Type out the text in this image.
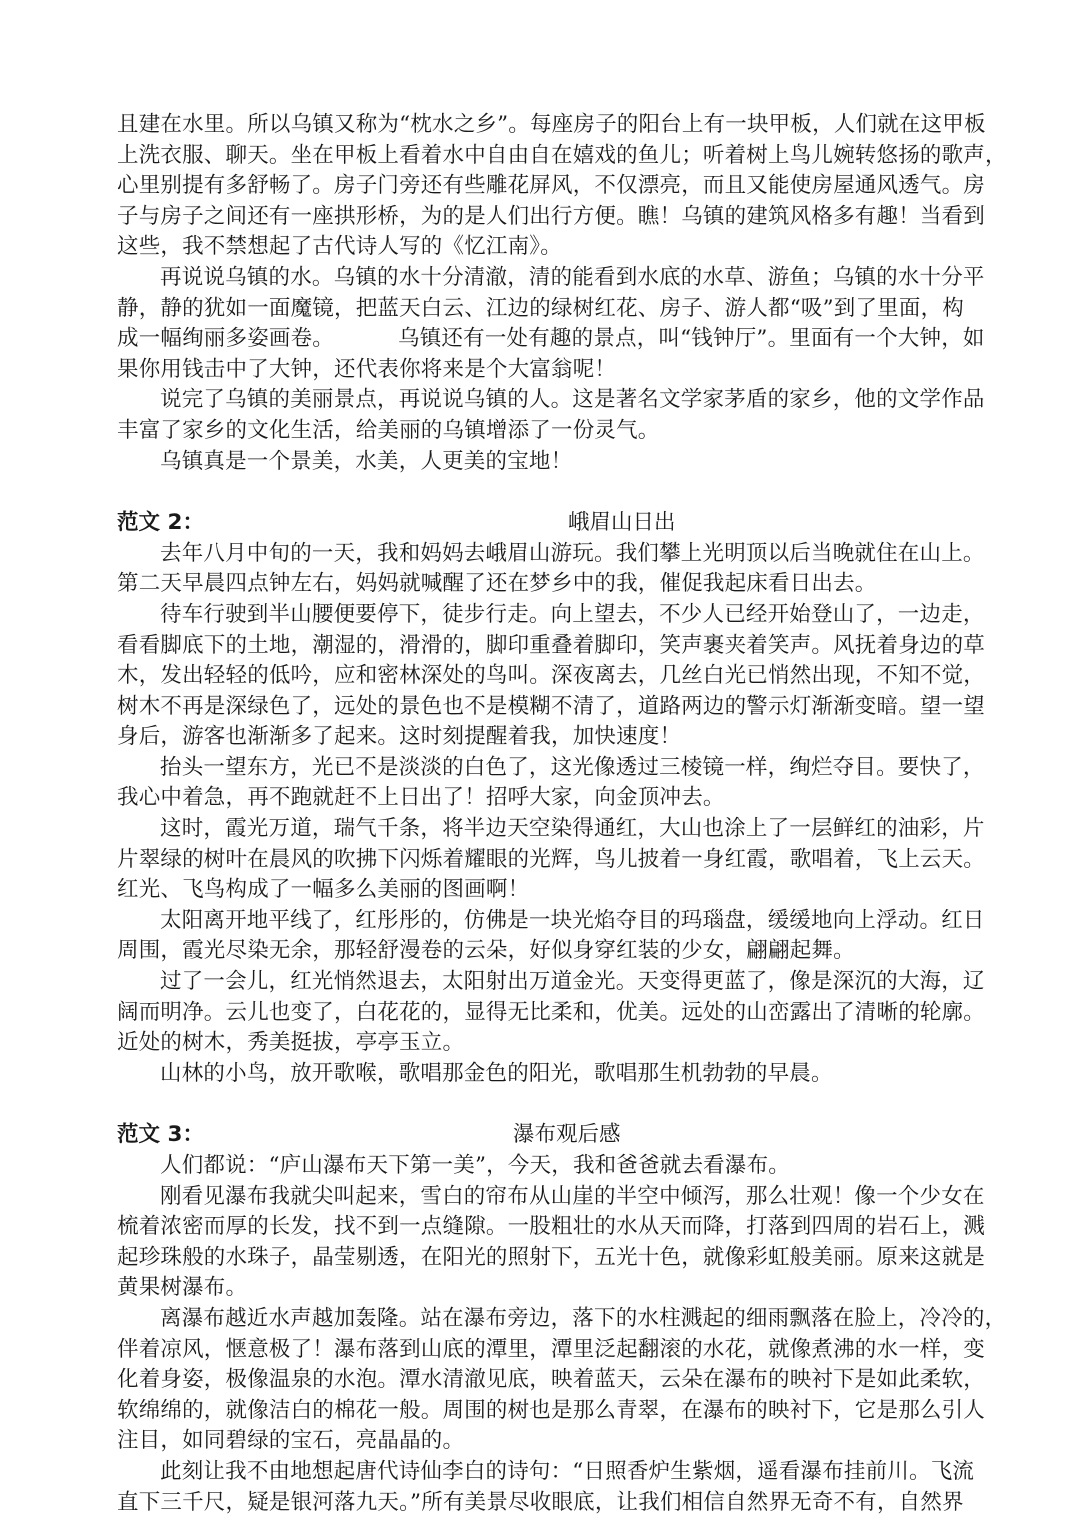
且建在水里。所以乌镇又称为“枕水之乡”。每座房子的阳台上有一块甲板，人们就在这甲板
上洗衣服、聊天。坐在甲板上看着水中自由自在嬉戏的鱼儿；听着树上鸟儿婉转悠扬的歌声，
心里别提有多舒畅了。房子门旁还有些雕花屏风，不仅漂亮，而且又能使房屋通风透气。房
子与房子之间还有一座拱形桥，为的是人们出行方便。瞧！乌镇的建筑风格多有趣！当看到
这些，我不禁想起了古代诗人写的《忆江南》。
再说说乌镇的水。乌镇的水十分清澈，清的能看到水底的水草、游鱼；乌镇的水十分平
静，静的犹如一面魔镜，把蓝天白云、江边的绿树红花、房子、游人都“吸”到了里面，构
成一幅绚丽多姿画卷。	乌镇还有一处有趣的景点，叫“钱钟厅”。里面有一个大钟，如
果你用钱击中了大钟，还代表你将来是个大富翁呢！
说完了乌镇的美丽景点，再说说乌镇的人。这是著名文学家茅盾的家乡，他的文学作品
丰富了家乡的文化生活，给美丽的乌镇增添了一份灵气。
乌镇真是一个景美，水美，人更美的宝地！
范文 2：	峨眉山日出
去年八月中旬的一天，我和妈妈去峨眉山游玩。我们攀上光明顶以后当晚就住在山上。
第二天早晨四点钟左右，妈妈就喊醒了还在梦乡中的我，催促我起床看日出去。
待车行驶到半山腰便要停下，徒步行走。向上望去，不少人已经开始登山了，一边走，
看看脚底下的土地，潮湿的，滑滑的，脚印重叠着脚印，笑声裹夹着笑声。风抚着身边的草
木，发出轻轻的低吟，应和密林深处的鸟叫。深夜离去，几丝白光已悄然出现，不知不觉，
树木不再是深绿色了，远处的景色也不是模糊不清了，道路两边的警示灯渐渐变暗。望一望
身后，游客也渐渐多了起来。这时刻提醒着我，加快速度！
抬头一望东方，光已不是淡淡的白色了，这光像透过三棱镜一样，绚烂夺目。要快了，
我心中着急，再不跑就赶不上日出了！招呼大家，向金顶冲去。
这时，霞光万道，瑞气千条，将半边天空染得通红，大山也涂上了一层鲜红的油彩，片
片翠绿的树叶在晨风的吹拂下闪烁着耀眼的光辉，鸟儿披着一身红霞，歌唱着，飞上云天。
红光、飞鸟构成了一幅多么美丽的图画啊！
太阳离开地平线了，红彤彤的，仿佛是一块光焰夺目的玛瑙盘，缓缓地向上浮动。红日
周围，霞光尽染无余，那轻舒漫卷的云朵，好似身穿红装的少女，翩翩起舞。
过了一会儿，红光悄然退去，太阳射出万道金光。天变得更蓝了，像是深沉的大海，辽
阔而明净。云儿也变了，白花花的，显得无比柔和，优美。远处的山峦露出了清晰的轮廓。
近处的树木，秀美挺拔，亭亭玉立。
山林的小鸟，放开歌喉，歌唱那金色的阳光，歌唱那生机勃勃的早晨。
范文 3：	瀑布观后感
人们都说：“庐山瀑布天下第一美”，今天，我和爸爸就去看瀑布。
刚看见瀑布我就尖叫起来，雪白的帘布从山崖的半空中倾泻，那么壮观！像一个少女在
梳着浓密而厚的长发，找不到一点缝隙。一股粗壮的水从天而降，打落到四周的岩石上，溅
起珍珠般的水珠子，晶莹剔透，在阳光的照射下，五光十色，就像彩虹般美丽。原来这就是
黄果树瀑布。
离瀑布越近水声越加轰隆。站在瀑布旁边，落下的水柱溅起的细雨飘落在脸上，冷冷的，
伴着凉风，惬意极了！瀑布落到山底的潭里，潭里泛起翻滚的水花，就像煮沸的水一样，变
化着身姿，极像温泉的水泡。潭水清澈见底，映着蓝天，云朵在瀑布的映衬下是如此柔软，
软绵绵的，就像洁白的棉花一般。周围的树也是那么青翠，在瀑布的映衬下，它是那么引人
注目，如同碧绿的宝石，亮晶晶的。
此刻让我不由地想起唐代诗仙李白的诗句：“日照香炉生紫烟，遥看瀑布挂前川。飞流
直下三千尺，疑是银河落九天。”所有美景尽收眼底，让我们相信自然界无奇不有，自然界
